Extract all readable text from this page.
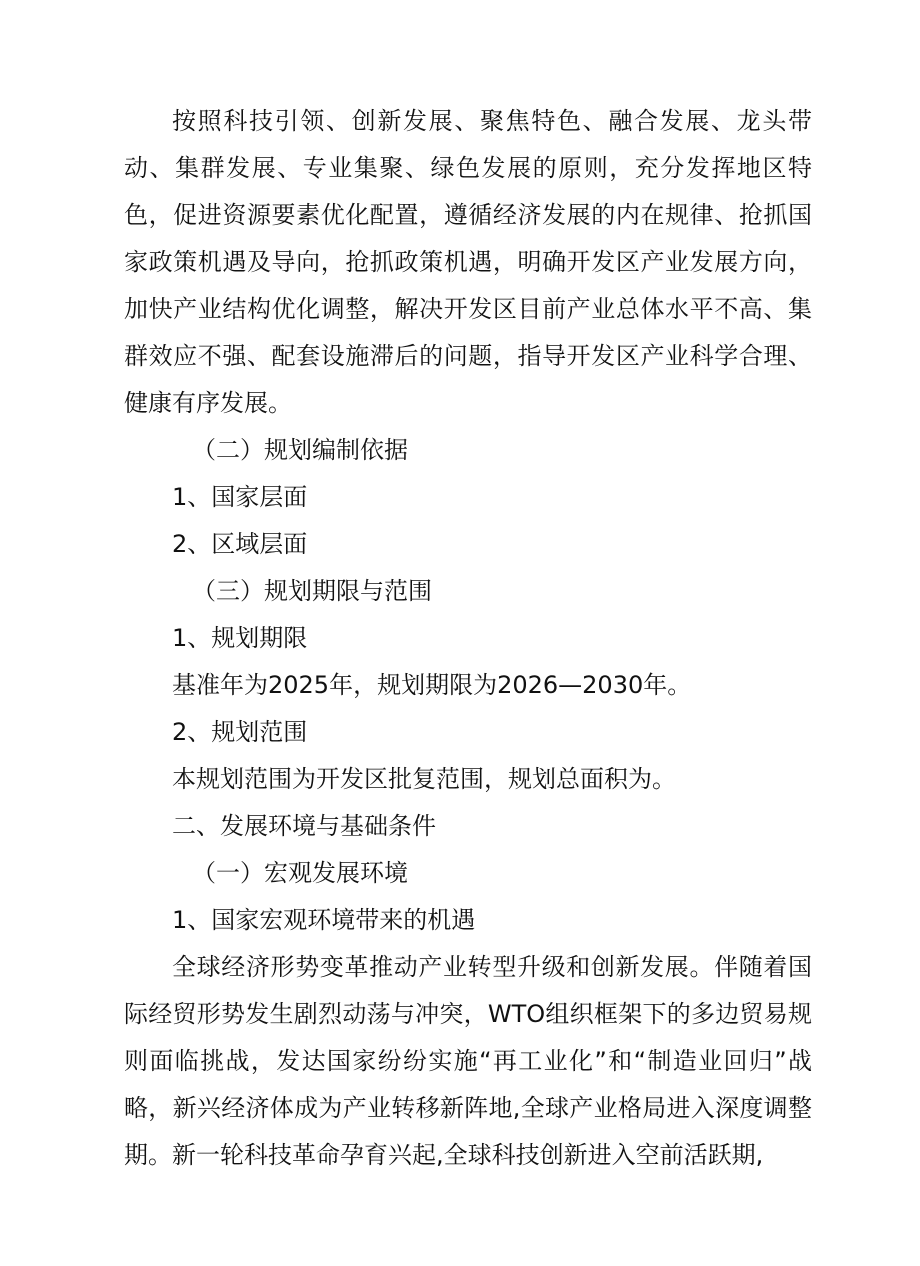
按照科技引领、创新发展、聚焦特色、融合发展、龙头带动、集群发展、专业集聚、绿色发展的原则，充分发挥地区特色，促进资源要素优化配置，遵循经济发展的内在规律、抢抓国家政策机遇及导向，抢抓政策机遇，明确开发区产业发展方向，加快产业结构优化调整，解决开发区目前产业总体水平不高、集群效应不强、配套设施滞后的问题，指导开发区产业科学合理、健康有序发展。

（二）规划编制依据

1、国家层面

2、区域层面

（三）规划期限与范围

1、规划期限

基准年为2025年，规划期限为2026—2030年。

2、规划范围

本规划范围为开发区批复范围，规划总面积为。

二、发展环境与基础条件

（一）宏观发展环境

1、国家宏观环境带来的机遇

全球经济形势变革推动产业转型升级和创新发展。伴随着国际经贸形势发生剧烈动荡与冲突，WTO组织框架下的多边贸易规则面临挑战，发达国家纷纷实施“再工业化”和“制造业回归”战略，新兴经济体成为产业转移新阵地,全球产业格局进入深度调整期。新一轮科技革命孕育兴起,全球科技创新进入空前活跃期,
